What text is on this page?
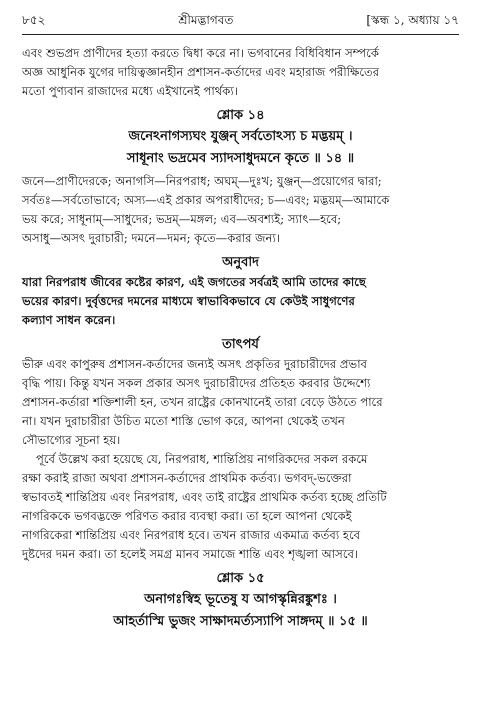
৮৫২	শ্রীমদ্ভাগবত	[স্কন্ধ ১, অধ্যায় ১৭

এবং শুভপ্রদ প্রাণীদের হত্যা করতে দ্বিধা করে না। ভগবানের বিধিবিধান সম্পর্কে

অজ্ঞ আধুনিক যুগের দায়িত্বজ্ঞানহীন প্রশাসন-কর্তাদের এবং মহারাজ পরীক্ষিতের

মতো পুণ্যবান রাজাদের মধ্যে এইখানেই পার্থক্য।

শ্লোক ১৪
জনেঽনাগস্যঘং যুঞ্জন্ সর্বতোঽস্য চ মদ্ভয়ম্ ।
সাধূনাং ভদ্রমেব স্যাদসাধুদমনে কৃতে ॥ ১৪ ॥

জনে—প্রাণীদেরকে; অনাগসি—নিরপরাধ; অঘম্—দুঃখ; যুঞ্জন্—প্রয়োগের দ্বারা;

সর্বতঃ—সর্বতোভাবে; অস্য—এই প্রকার অপরাধীদের; চ—এবং; মদ্ভয়ম্—আমাকে

ভয় করে; সাধূনাম্—সাধুদের; ভদ্রম্—মঙ্গল; এব—অবশ্যই; স্যাৎ—হবে;

অসাধু—অসৎ দুরাচারী; দমনে—দমন; কৃতে—করার জন্য।

অনুবাদ

যারা নিরপরাধ জীবের কষ্টের কারণ, এই জগতের সর্বত্রই আমি তাদের কাছে

ভয়ের কারণ। দুর্বৃত্তদের দমনের মাধ্যমে স্বাভাবিকভাবে যে কেউই সাধুগণের

কল্যাণ সাধন করেন।

তাৎপর্য

ভীরু এবং কাপুরুষ প্রশাসন-কর্তাদের জন্যই অসৎ প্রকৃতির দুরাচারীদের প্রভাব

বৃদ্ধি পায়। কিন্তু যখন সকল প্রকার অসৎ দুরাচারীদের প্রতিহত করবার উদ্দেশ্যে

প্রশাসন-কর্তারা শক্তিশালী হন, তখন রাষ্ট্রের কোনখানেই তারা বেড়ে উঠতে পারে

না। যখন দুরাচারীরা উচিত মতো শাস্তি ভোগ করে, আপনা থেকেই তখন

সৌভাগ্যের সূচনা হয়।

পূর্বে উল্লেখ করা হয়েছে যে, নিরপরাধ, শান্তিপ্রিয় নাগরিকদের সকল রকমে

রক্ষা করাই রাজা অথবা প্রশাসন-কর্তাদের প্রাথমিক কর্তব্য। ভগবদ্-ভক্তেরা

স্বভাবতই শান্তিপ্রিয় এবং নিরপরাধ, এবং তাই রাষ্ট্রের প্রাথমিক কর্তব্য হচ্ছে প্রতিটি

নাগরিককে ভগবদ্ভক্তে পরিণত করার ব্যবস্থা করা। তা হলে আপনা থেকেই

নাগরিকেরা শান্তিপ্রিয় এবং নিরপরাধ হবে। তখন রাজার একমাত্র কর্তব্য হবে

দুষ্টদের দমন করা। তা হলেই সমগ্র মানব সমাজে শান্তি এবং শৃঙ্খলা আসবে।

শ্লোক ১৫
অনাগঃস্বিহ ভূতেষু য আগস্কৃন্নিরঙ্কুশঃ ।
আহর্তাস্মি ভুজং সাক্ষাদমর্ত্যস্যাপি সাঙ্গদম্ ॥ ১৫ ॥
